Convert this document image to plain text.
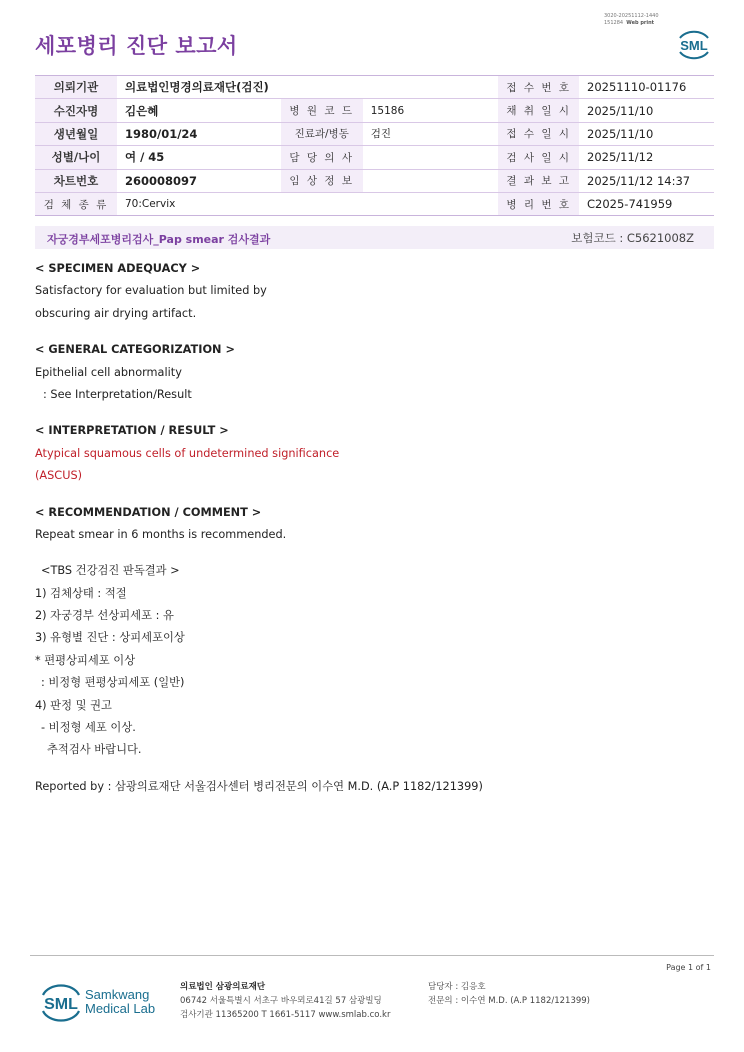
3020-20251112-1440
151284 Web print
세포병리 진단 보고서	SML
의뢰기관	의료법인명경의료재단(검진)			접 수 번 호	20251110-01176
수진자명	김은혜	병 원 코 드	15186	채 취 일 시	2025/11/10
생년월일	1980/01/24	진료과/병동	검진	접 수 일 시	2025/11/10
성별/나이	여 / 45	담 당 의 사		검 사 일 시	2025/11/12
차트번호	260008097	임 상 정 보		결 과 보 고	2025/11/12 14:37
검 체 종 류	70:Cervix			병 리 번 호	C2025-741959
자궁경부세포병리검사_Pap smear 검사결과	보험코드 : C5621008Z
< SPECIMEN ADEQUACY >
Satisfactory for evaluation but limited by
obscuring air drying artifact.
< GENERAL CATEGORIZATION >
Epithelial cell abnormality
: See Interpretation/Result
< INTERPRETATION / RESULT >
Atypical squamous cells of undetermined significance
(ASCUS)
< RECOMMENDATION / COMMENT >
Repeat smear in 6 months is recommended.
<TBS 건강검진 판독결과 >
1) 검체상태 : 적절
2) 자궁경부 선상피세포 : 유
3) 유형별 진단 : 상피세포이상
* 편평상피세포 이상
: 비정형 편평상피세포 (일반)
4) 판정 및 권고
- 비정형 세포 이상.
추적검사 바랍니다.
Reported by : 삼광의료재단 서울검사센터 병리전문의 이수연 M.D. (A.P 1182/121399)
Page 1 of 1
SML
Samkwang
Medical Lab
의료법인 삼광의료재단
06742 서울특별시 서초구 바우뫼로41길 57 삼광빌딩
검사기관 11365200 T 1661-5117 www.smlab.co.kr
담당자 : 김응호
전문의 : 이수연 M.D. (A.P 1182/121399)
